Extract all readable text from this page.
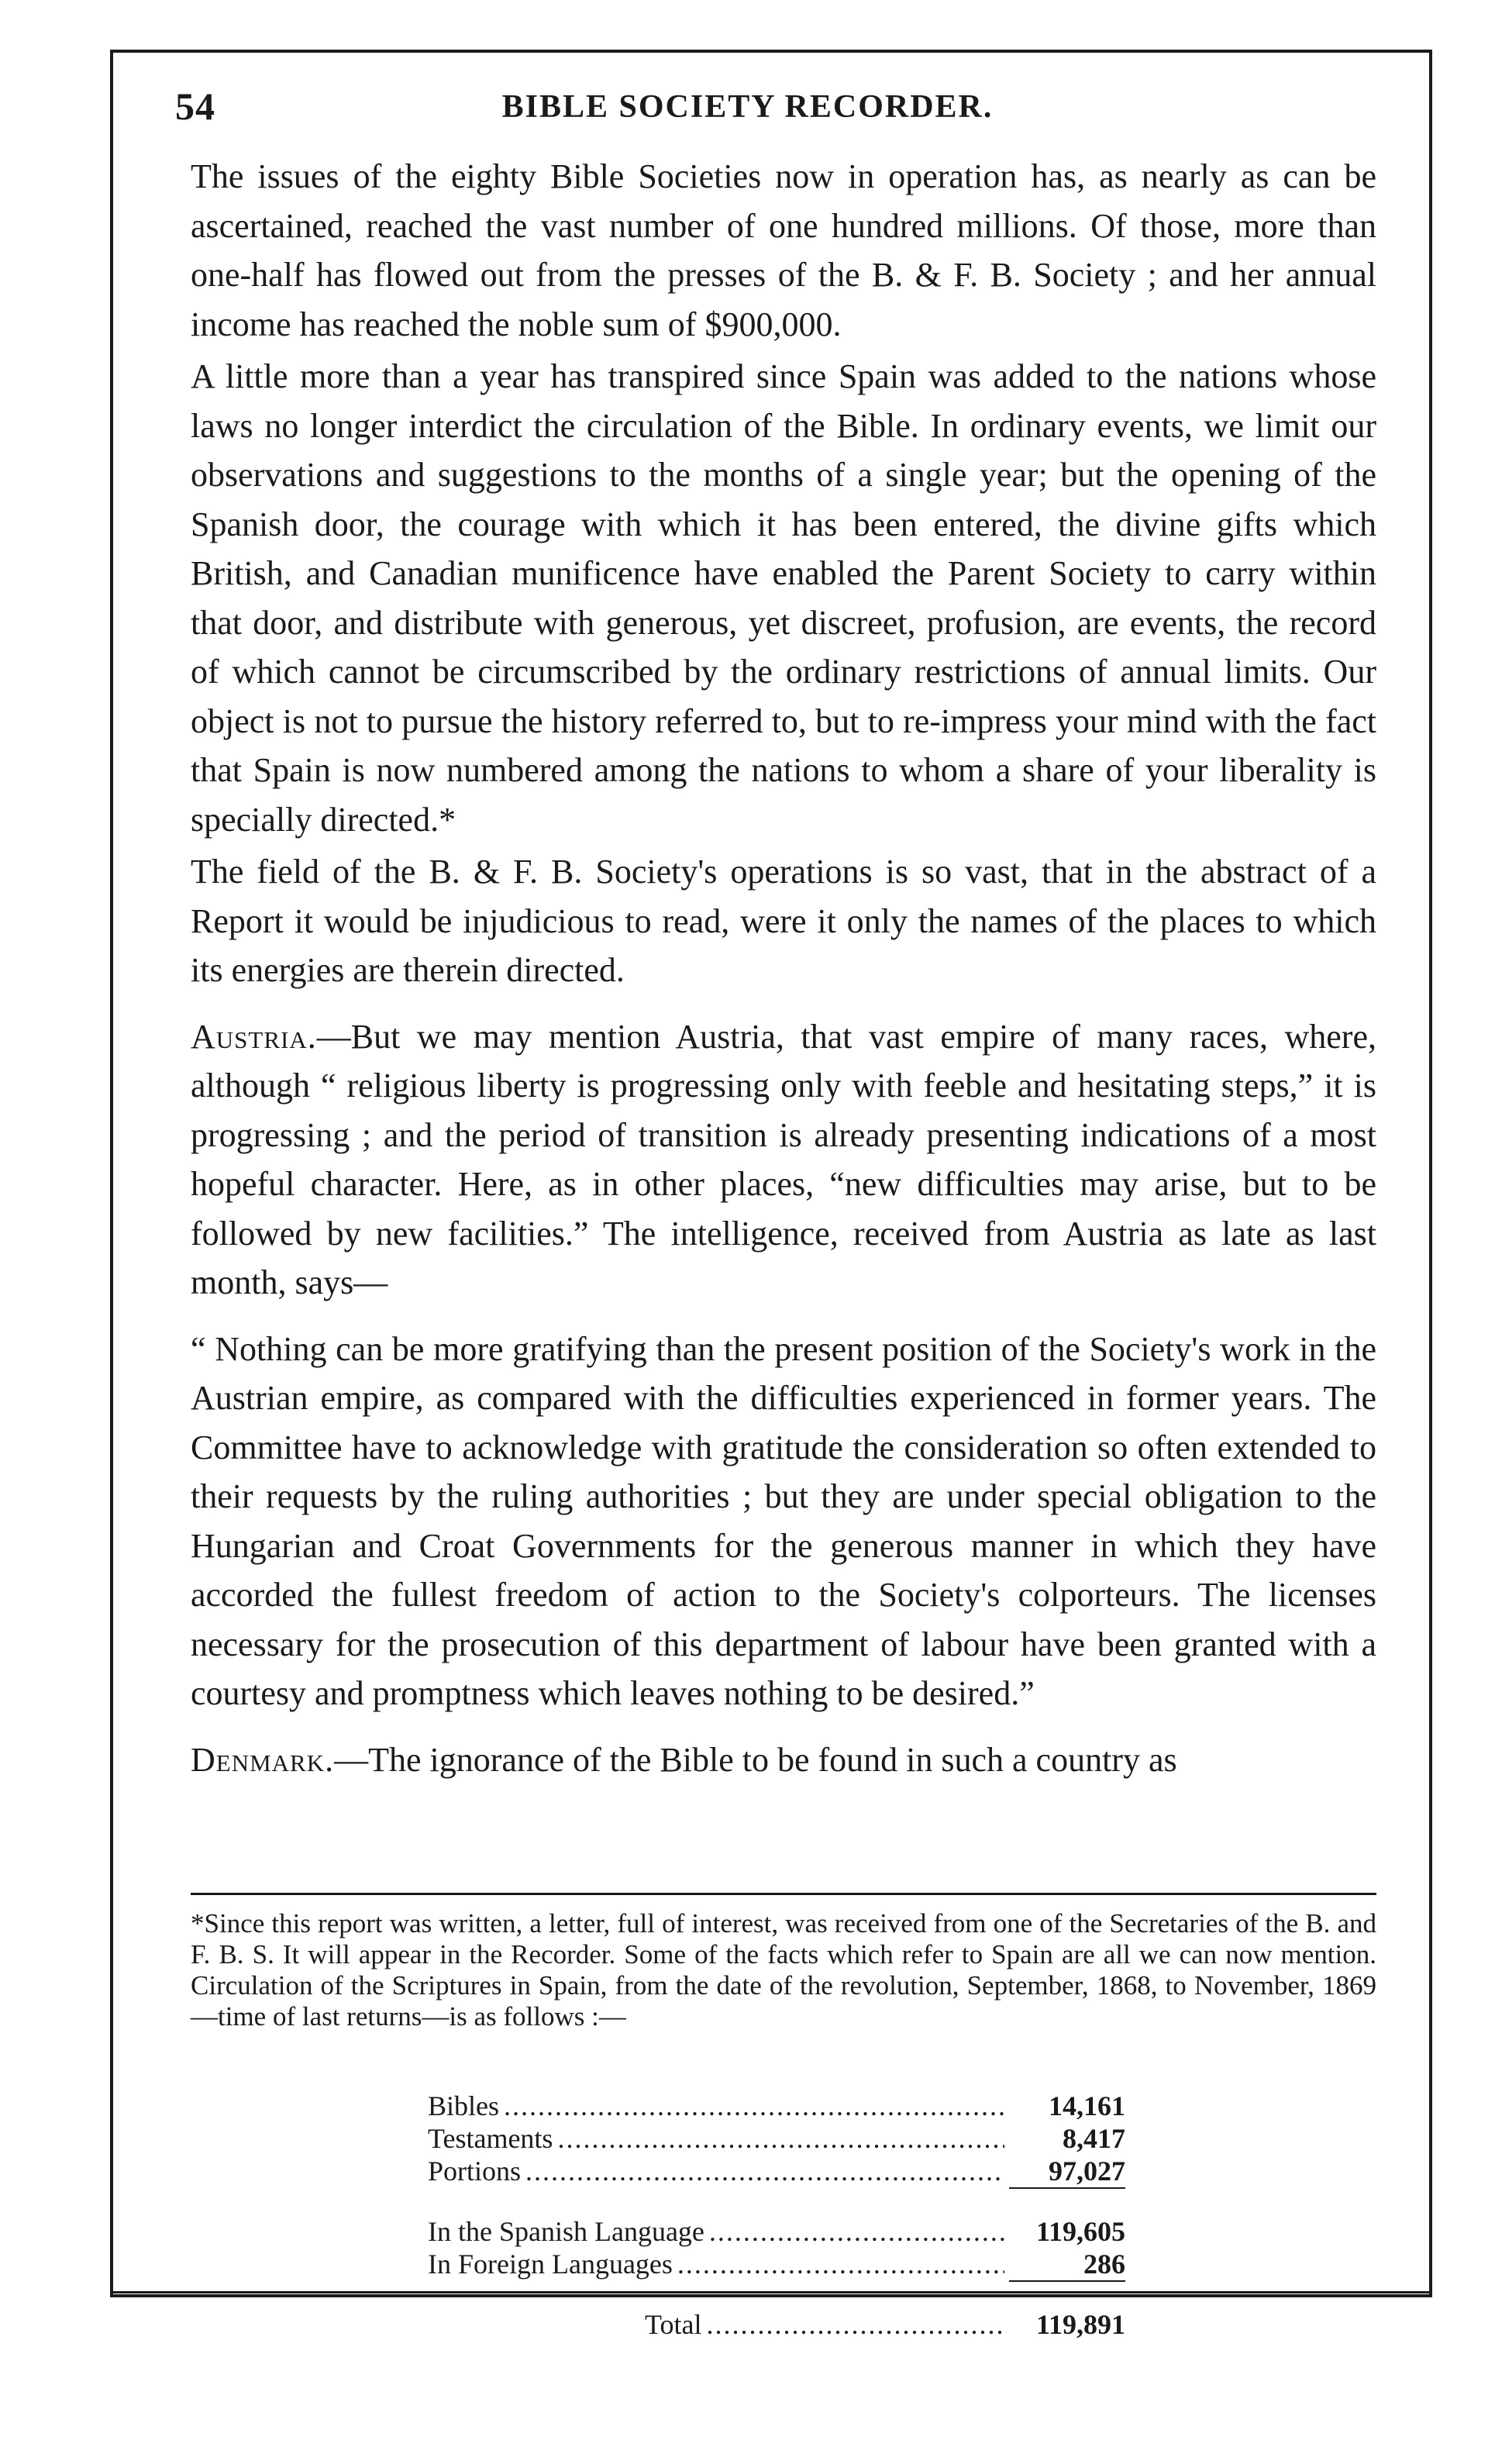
54	BIBLE SOCIETY RECORDER.

The issues of the eighty Bible Societies now in operation has, as nearly as can be ascertained, reached the vast number of one hundred millions. Of those, more than one-half has flowed out from the presses of the B. & F. B. Society ; and her annual income has reached the noble sum of $900,000.

A little more than a year has transpired since Spain was added to the nations whose laws no longer interdict the circulation of the Bible. In ordinary events, we limit our observations and suggestions to the months of a single year; but the opening of the Spanish door, the courage with which it has been entered, the divine gifts which British, and Canadian munificence have enabled the Parent Society to carry within that door, and distribute with generous, yet discreet, profusion, are events, the record of which cannot be circumscribed by the ordinary restrictions of annual limits. Our object is not to pursue the history referred to, but to re-impress your mind with the fact that Spain is now numbered among the nations to whom a share of your liberality is specially directed.*

The field of the B. & F. B. Society's operations is so vast, that in the abstract of a Report it would be injudicious to read, were it only the names of the places to which its energies are therein directed.

Austria.—But we may mention Austria, that vast empire of many races, where, although “ religious liberty is progressing only with feeble and hesitating steps,” it is progressing ; and the period of transition is already presenting indications of a most hopeful character. Here, as in other places, “new difficulties may arise, but to be followed by new facilities.” The intelligence, received from Austria as late as last month, says—

“ Nothing can be more gratifying than the present position of the Society's work in the Austrian empire, as compared with the difficulties experienced in former years. The Committee have to acknowledge with gratitude the consideration so often extended to their requests by the ruling authorities ; but they are under special obligation to the Hungarian and Croat Governments for the generous manner in which they have accorded the fullest freedom of action to the Society's colporteurs. The licenses necessary for the prosecution of this department of labour have been granted with a courtesy and promptness which leaves nothing to be desired.”

Denmark.—The ignorance of the Bible to be found in such a country as

*Since this report was written, a letter, full of interest, was received from one of the Secretaries of the B. and F. B. S. It will appear in the Recorder. Some of the facts which refer to Spain are all we can now mention. Circulation of the Scriptures in Spain, from the date of the revolution, September, 1868, to November, 1869—time of last returns—is as follows :—

Bibles .....	14,161
Testaments .....	8,417
Portions .....	97,027
In the Spanish Language .....	119,605
In Foreign Languages .....	286
Total .....	119,891
